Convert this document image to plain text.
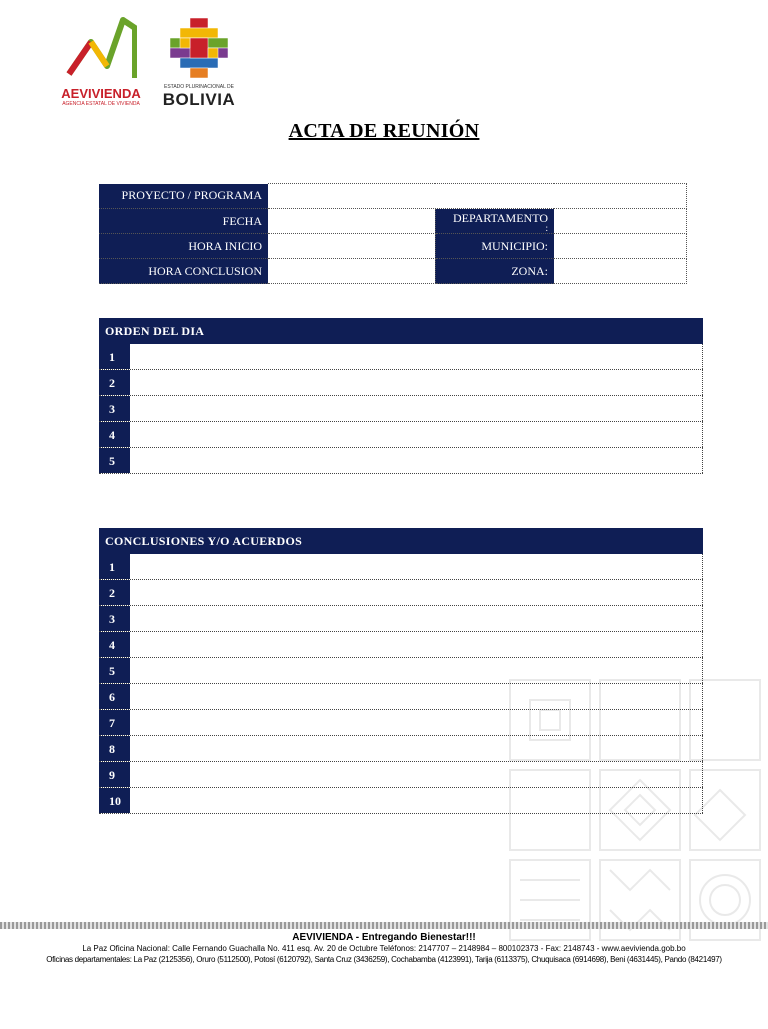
AEVIVIENDA
AGENCIA ESTATAL DE VIVIENDA
ESTADO PLURINACIONAL DE
BOLIVIA
ACTA DE REUNIÓN
PROYECTO / PROGRAMA			
FECHA		DEPARTAMENTO
:	

HORA INICIO		MUNICIPIO:	
HORA CONCLUSION		ZONA:	
ORDEN DEL DIA
1
2
3
4
5
CONCLUSIONES Y/O ACUERDOS
1
2
3
4
5
6
7
8
9
10
AEVIVIENDA - Entregando Bienestar!!!
La Paz Oficina Nacional: Calle Fernando Guachalla No. 411 esq. Av. 20 de Octubre Teléfonos: 2147707 – 2148984 – 800102373 - Fax: 2148743 - www.aevivienda.gob.bo
Oficinas departamentales: La Paz (2125356), Oruro (5112500), Potosí (6120792), Santa Cruz (3436259), Cochabamba (4123991), Tarija (6113375), Chuquisaca (6914698), Beni (4631445), Pando (8421497)
